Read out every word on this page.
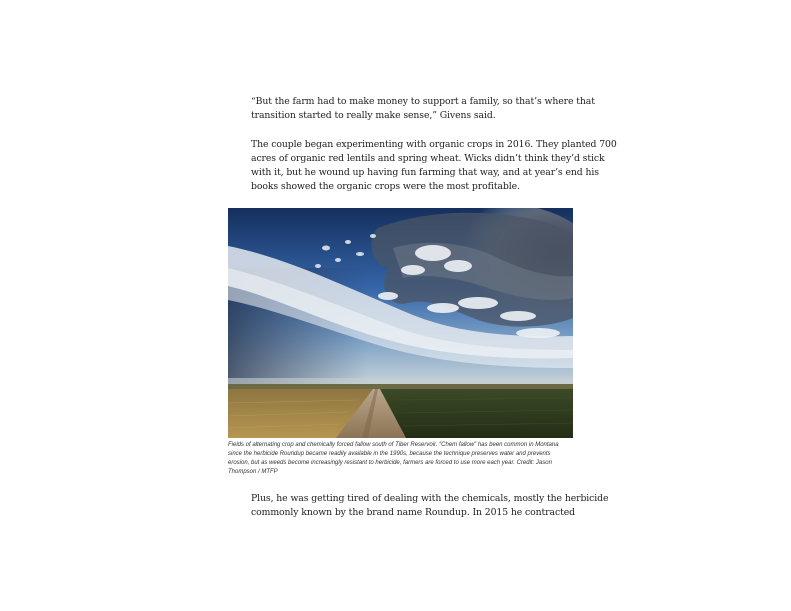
“But the farm had to make money to support a family, so that’s where that
transition started to really make sense,” Givens said.

The couple began experimenting with organic crops in 2016. They planted 700
acres of organic red lentils and spring wheat. Wicks didn’t think they’d stick
with it, but he wound up having fun farming that way, and at year’s end his
books showed the organic crops were the most profitable.

Fields of alternating crop and chemically forced fallow south of Tiber Reservoir. “Chem fallow” has been common in Montana
since the herbicide Roundup became readily available in the 1990s, because the technique preserves water and prevents
erosion, but as weeds become increasingly resistant to herbicide, farmers are forced to use more each year. Credit: Jason
Thompson / MTFP

Plus, he was getting tired of dealing with the chemicals, mostly the herbicide
commonly known by the brand name Roundup. In 2015 he contracted
